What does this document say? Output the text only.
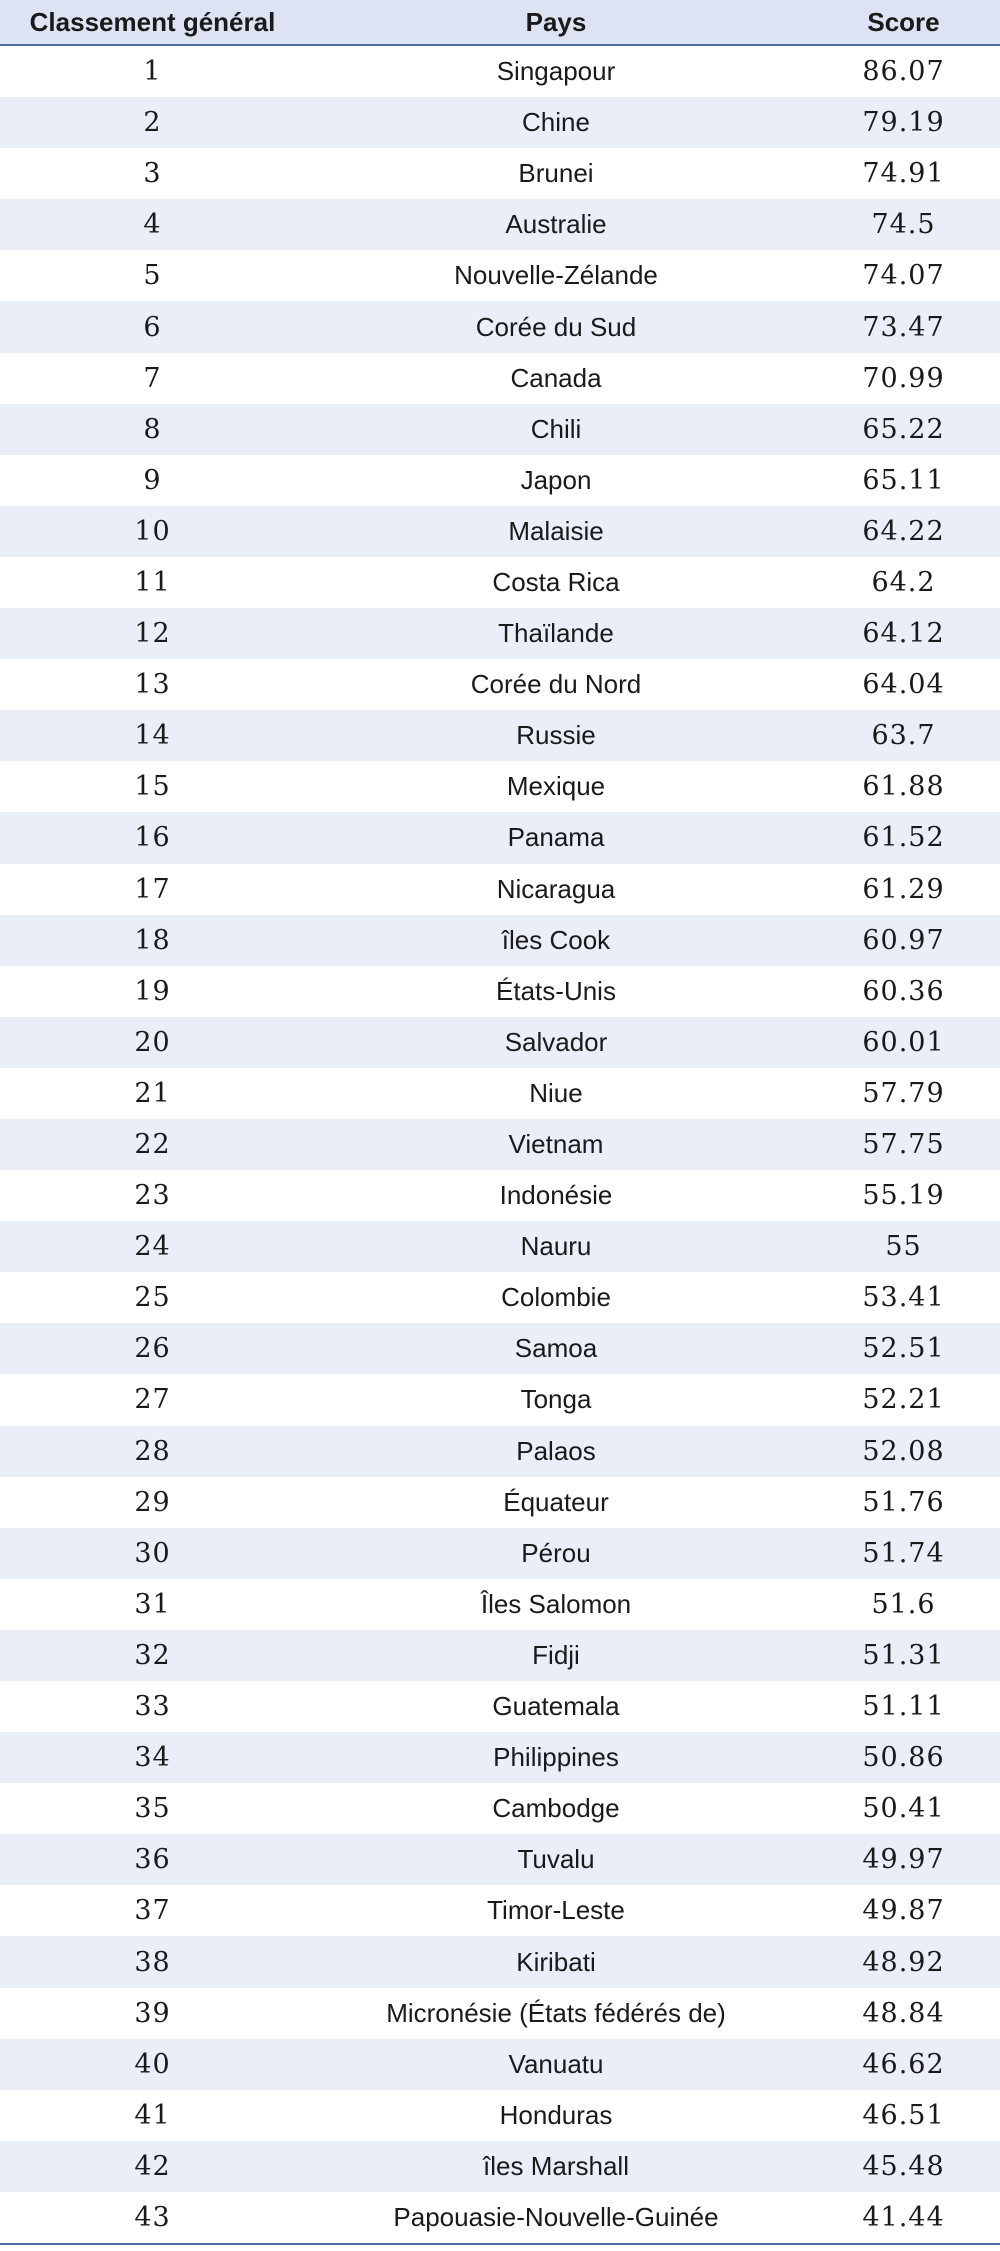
Classement général	Pays	Score
1	Singapour	86.07
2	Chine	79.19
3	Brunei	74.91
4	Australie	74.5
5	Nouvelle-Zélande	74.07
6	Corée du Sud	73.47
7	Canada	70.99
8	Chili	65.22
9	Japon	65.11
10	Malaisie	64.22
11	Costa Rica	64.2
12	Thaïlande	64.12
13	Corée du Nord	64.04
14	Russie	63.7
15	Mexique	61.88
16	Panama	61.52
17	Nicaragua	61.29
18	îles Cook	60.97
19	États-Unis	60.36
20	Salvador	60.01
21	Niue	57.79
22	Vietnam	57.75
23	Indonésie	55.19
24	Nauru	55
25	Colombie	53.41
26	Samoa	52.51
27	Tonga	52.21
28	Palaos	52.08
29	Équateur	51.76
30	Pérou	51.74
31	Îles Salomon	51.6
32	Fidji	51.31
33	Guatemala	51.11
34	Philippines	50.86
35	Cambodge	50.41
36	Tuvalu	49.97
37	Timor-Leste	49.87
38	Kiribati	48.92
39	Micronésie (États fédérés de)	48.84
40	Vanuatu	46.62
41	Honduras	46.51
42	îles Marshall	45.48
43	Papouasie-Nouvelle-Guinée	41.44
